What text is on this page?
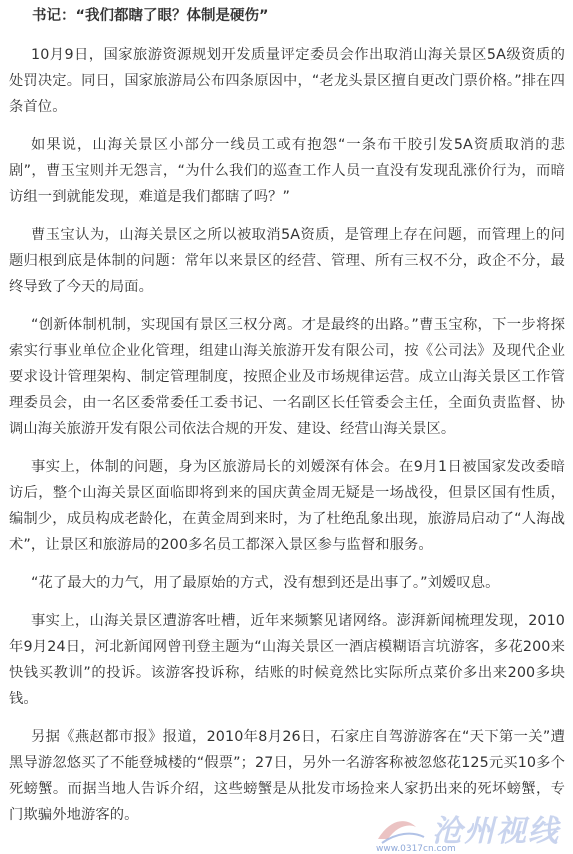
书记：“我们都瞎了眼？体制是硬伤”

10月9日，国家旅游资源规划开发质量评定委员会作出取消山海关景区5A级资质的处罚决定。同日，国家旅游局公布四条原因中，“老龙头景区擅自更改门票价格。”排在四条首位。

如果说，山海关景区小部分一线员工或有抱怨“一条布干胶引发5A资质取消的悲剧”，曹玉宝则并无怨言，“为什么我们的巡查工作人员一直没有发现乱涨价行为，而暗访组一到就能发现，难道是我们都瞎了吗？”

曹玉宝认为，山海关景区之所以被取消5A资质，是管理上存在问题，而管理上的问题归根到底是体制的问题：常年以来景区的经营、管理、所有三权不分，政企不分，最终导致了今天的局面。

“创新体制机制，实现国有景区三权分离。才是最终的出路。”曹玉宝称，下一步将探索实行事业单位企业化管理，组建山海关旅游开发有限公司，按《公司法》及现代企业要求设计管理架构、制定管理制度，按照企业及市场规律运营。成立山海关景区工作管理委员会，由一名区委常委任工委书记、一名副区长任管委会主任，全面负责监督、协调山海关旅游开发有限公司依法合规的开发、建设、经营山海关景区。

事实上，体制的问题，身为区旅游局长的刘嫒深有体会。在9月1日被国家发改委暗访后，整个山海关景区面临即将到来的国庆黄金周无疑是一场战役，但景区国有性质，编制少，成员构成老龄化，在黄金周到来时，为了杜绝乱象出现，旅游局启动了“人海战术”，让景区和旅游局的200多名员工都深入景区参与监督和服务。

“花了最大的力气，用了最原始的方式，没有想到还是出事了。”刘嫒叹息。

事实上，山海关景区遭游客吐槽，近年来频繁见诸网络。澎湃新闻梳理发现，2010年9月24日，河北新闻网曾刊登主题为“山海关景区一酒店模糊语言坑游客，多花200来快钱买教训”的投诉。该游客投诉称，结账的时候竟然比实际所点菜价多出来200多块钱。

另据《燕赵都市报》报道，2010年8月26日，石家庄自驾游游客在“天下第一关”遭黑导游忽悠买了不能登城楼的“假票”；27日，另外一名游客称被忽悠花125元买10多个死螃蟹。而据当地人告诉介绍，这些螃蟹是从批发市场捡来人家扔出来的死坏螃蟹，专门欺骗外地游客的。

www.0317cn.com
沧州视线
